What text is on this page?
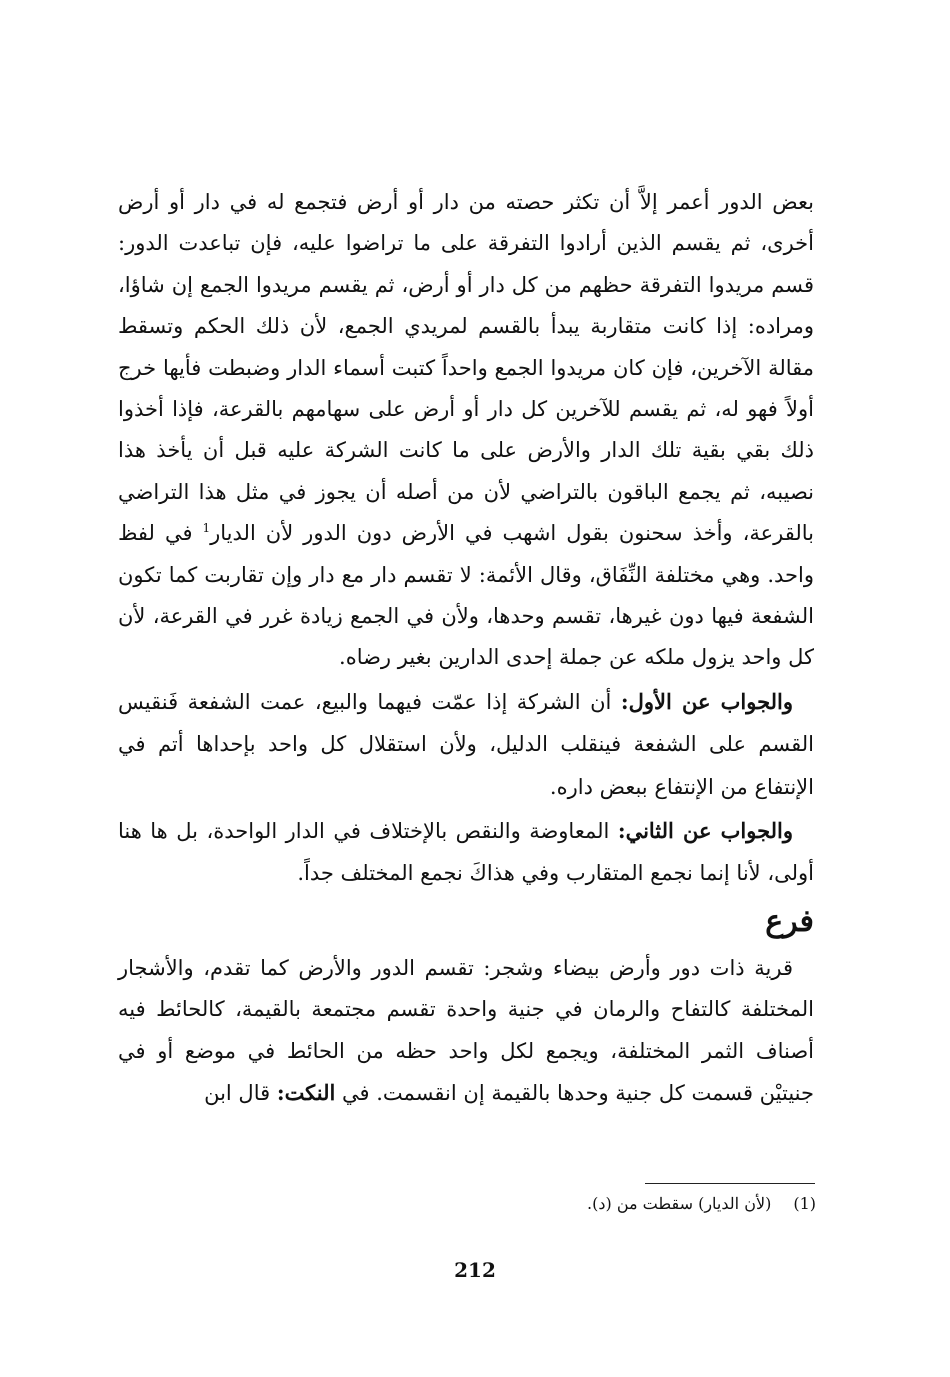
بعض الدور أعمر إلاَّ أن تكثر حصته من دار أو أرض فتجمع له في دار أو أرض أخرى، ثم يقسم الذين أرادوا التفرقة على ما تراضوا عليه، فإن تباعدت الدور: قسم مريدوا التفرقة حظهم من كل دار أو أرض، ثم يقسم مريدوا الجمع إن شاؤا، ومراده: إذا كانت متقاربة يبدأ بالقسم لمريدي الجمع، لأن ذلك الحكم وتسقط مقالة الآخرين، فإن كان مريدوا الجمع واحداً كتبت أسماء الدار وضبطت فأيها خرج أولاً فهو له، ثم يقسم للآخرين كل دار أو أرض على سهامهم بالقرعة، فإذا أخذوا ذلك بقي بقية تلك الدار والأرض على ما كانت الشركة عليه قبل أن يأخذ هذا نصيبه، ثم يجمع الباقون بالتراضي لأن من أصله أن يجوز في مثل هذا التراضي بالقرعة، وأخذ سحنون بقول اشهب في الأرض دون الدور لأن الديار$^1$ في لفظ واحد. وهي مختلفة النِّفَاق، وقال الأئمة: لا تقسم دار مع دار وإن تقاربت كما تكون الشفعة فيها دون غيرها، تقسم وحدها، ولأن في الجمع زيادة غرر في القرعة، لأن كل واحد يزول ملكه عن جملة إحدى الدارين بغير رضاه.

 والجواب عن الأول: أن الشركة إذا عمّت فيهما والبيع، عمت الشفعة فَنقيس القسم على الشفعة فينقلب الدليل، ولأن استقلال كل واحد بإحداها أتم في الإنتفاع من الإنتفاع ببعض داره.

 والجواب عن الثاني: المعاوضة والنقص بالإختلاف في الدار الواحدة، بل ها هنا أولى، لأنا إنما نجمع المتقارب وفي هذاكَ نجمع المختلف جداً.

فرع

 قرية ذات دور وأرض بيضاء وشجر: تقسم الدور والأرض كما تقدم، والأشجار المختلفة كالتفاح والرمان في جنية واحدة تقسم مجتمعة بالقيمة، كالحائط فيه أصناف الثمر المختلفة، ويجمع لكل واحد حظه من الحائط في موضع أو في جنيتيْن قسمت كل جنية وحدها بالقيمة إن انقسمت. في النكت: قال ابن

(1)(لأن الديار) سقطت من (د).
212
